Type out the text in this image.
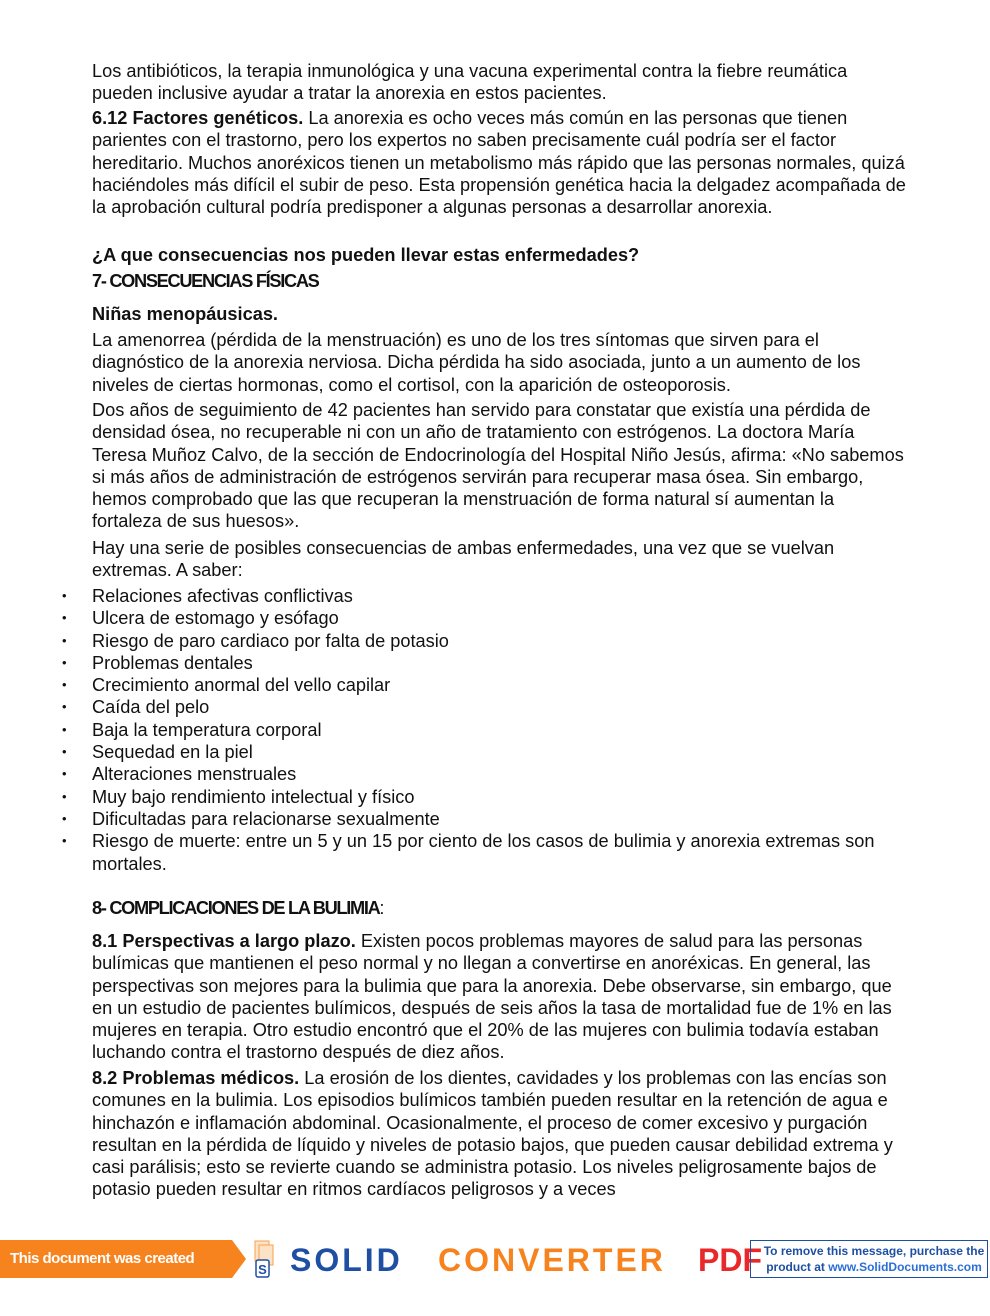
Los antibióticos, la terapia inmunológica y una vacuna experimental contra la fiebre reumática pueden inclusive ayudar a tratar la anorexia en estos pacientes.

6.12 Factores genéticos. La anorexia es ocho veces más común en las personas que tienen parientes con el trastorno, pero los expertos no saben precisamente cuál podría ser el factor hereditario. Muchos anoréxicos tienen un metabolismo más rápido que las personas normales, quizá haciéndoles más difícil el subir de peso. Esta propensión genética hacia la delgadez acompañada de la aprobación cultural podría predisponer a algunas personas a desarrollar anorexia.

¿A que consecuencias nos pueden llevar estas enfermedades?

7- CONSECUENCIAS FÍSICAS

Niñas menopáusicas.

La amenorrea (pérdida de la menstruación) es uno de los tres síntomas que sirven para el diagnóstico de la anorexia nerviosa. Dicha pérdida ha sido asociada, junto a un aumento de los niveles de ciertas hormonas, como el cortisol, con la aparición de osteoporosis.

Dos años de seguimiento de 42 pacientes han servido para constatar que existía una pérdida de densidad ósea, no recuperable ni con un año de tratamiento con estrógenos. La doctora María Teresa Muñoz Calvo, de la sección de Endocrinología del Hospital Niño Jesús, afirma: «No sabemos si más años de administración de estrógenos servirán para recuperar masa ósea. Sin embargo, hemos comprobado que las que recuperan la menstruación de forma natural sí aumentan la fortaleza de sus huesos».

Hay una serie de posibles consecuencias de ambas enfermedades, una vez que se vuelvan extremas. A saber:

• Relaciones afectivas conflictivas
• Ulcera de estomago y esófago
• Riesgo de paro cardiaco por falta de potasio
• Problemas dentales
• Crecimiento anormal del vello capilar
• Caída del pelo
• Baja la temperatura corporal
• Sequedad en la piel
• Alteraciones menstruales
• Muy bajo rendimiento intelectual y físico
• Dificultadas para relacionarse sexualmente
• Riesgo de muerte: entre un 5 y un 15 por ciento de los casos de bulimia y anorexia extremas son mortales.

8- COMPLICACIONES DE LA BULIMIA:

8.1 Perspectivas a largo plazo. Existen pocos problemas mayores de salud para las personas bulímicas que mantienen el peso normal y no llegan a convertirse en anoréxicas. En general, las perspectivas son mejores para la bulimia que para la anorexia. Debe observarse, sin embargo, que en un estudio de pacientes bulímicos, después de seis años la tasa de mortalidad fue de 1% en las mujeres en terapia. Otro estudio encontró que el 20% de las mujeres con bulimia todavía estaban luchando contra el trastorno después de diez años.

8.2 Problemas médicos. La erosión de los dientes, cavidades y los problemas con las encías son comunes en la bulimia. Los episodios bulímicos también pueden resultar en la retención de agua e hinchazón e inflamación abdominal. Ocasionalmente, el proceso de comer excesivo y purgación resultan en la pérdida de líquido y niveles de potasio bajos, que pueden causar debilidad extrema y casi parálisis; esto se revierte cuando se administra potasio. Los niveles peligrosamente bajos de potasio pueden resultar en ritmos cardíacos peligrosos y a veces

This document was created using
S SOLID CONVERTER PDF To remove this message, purchase the
product at www.SolidDocuments.com
